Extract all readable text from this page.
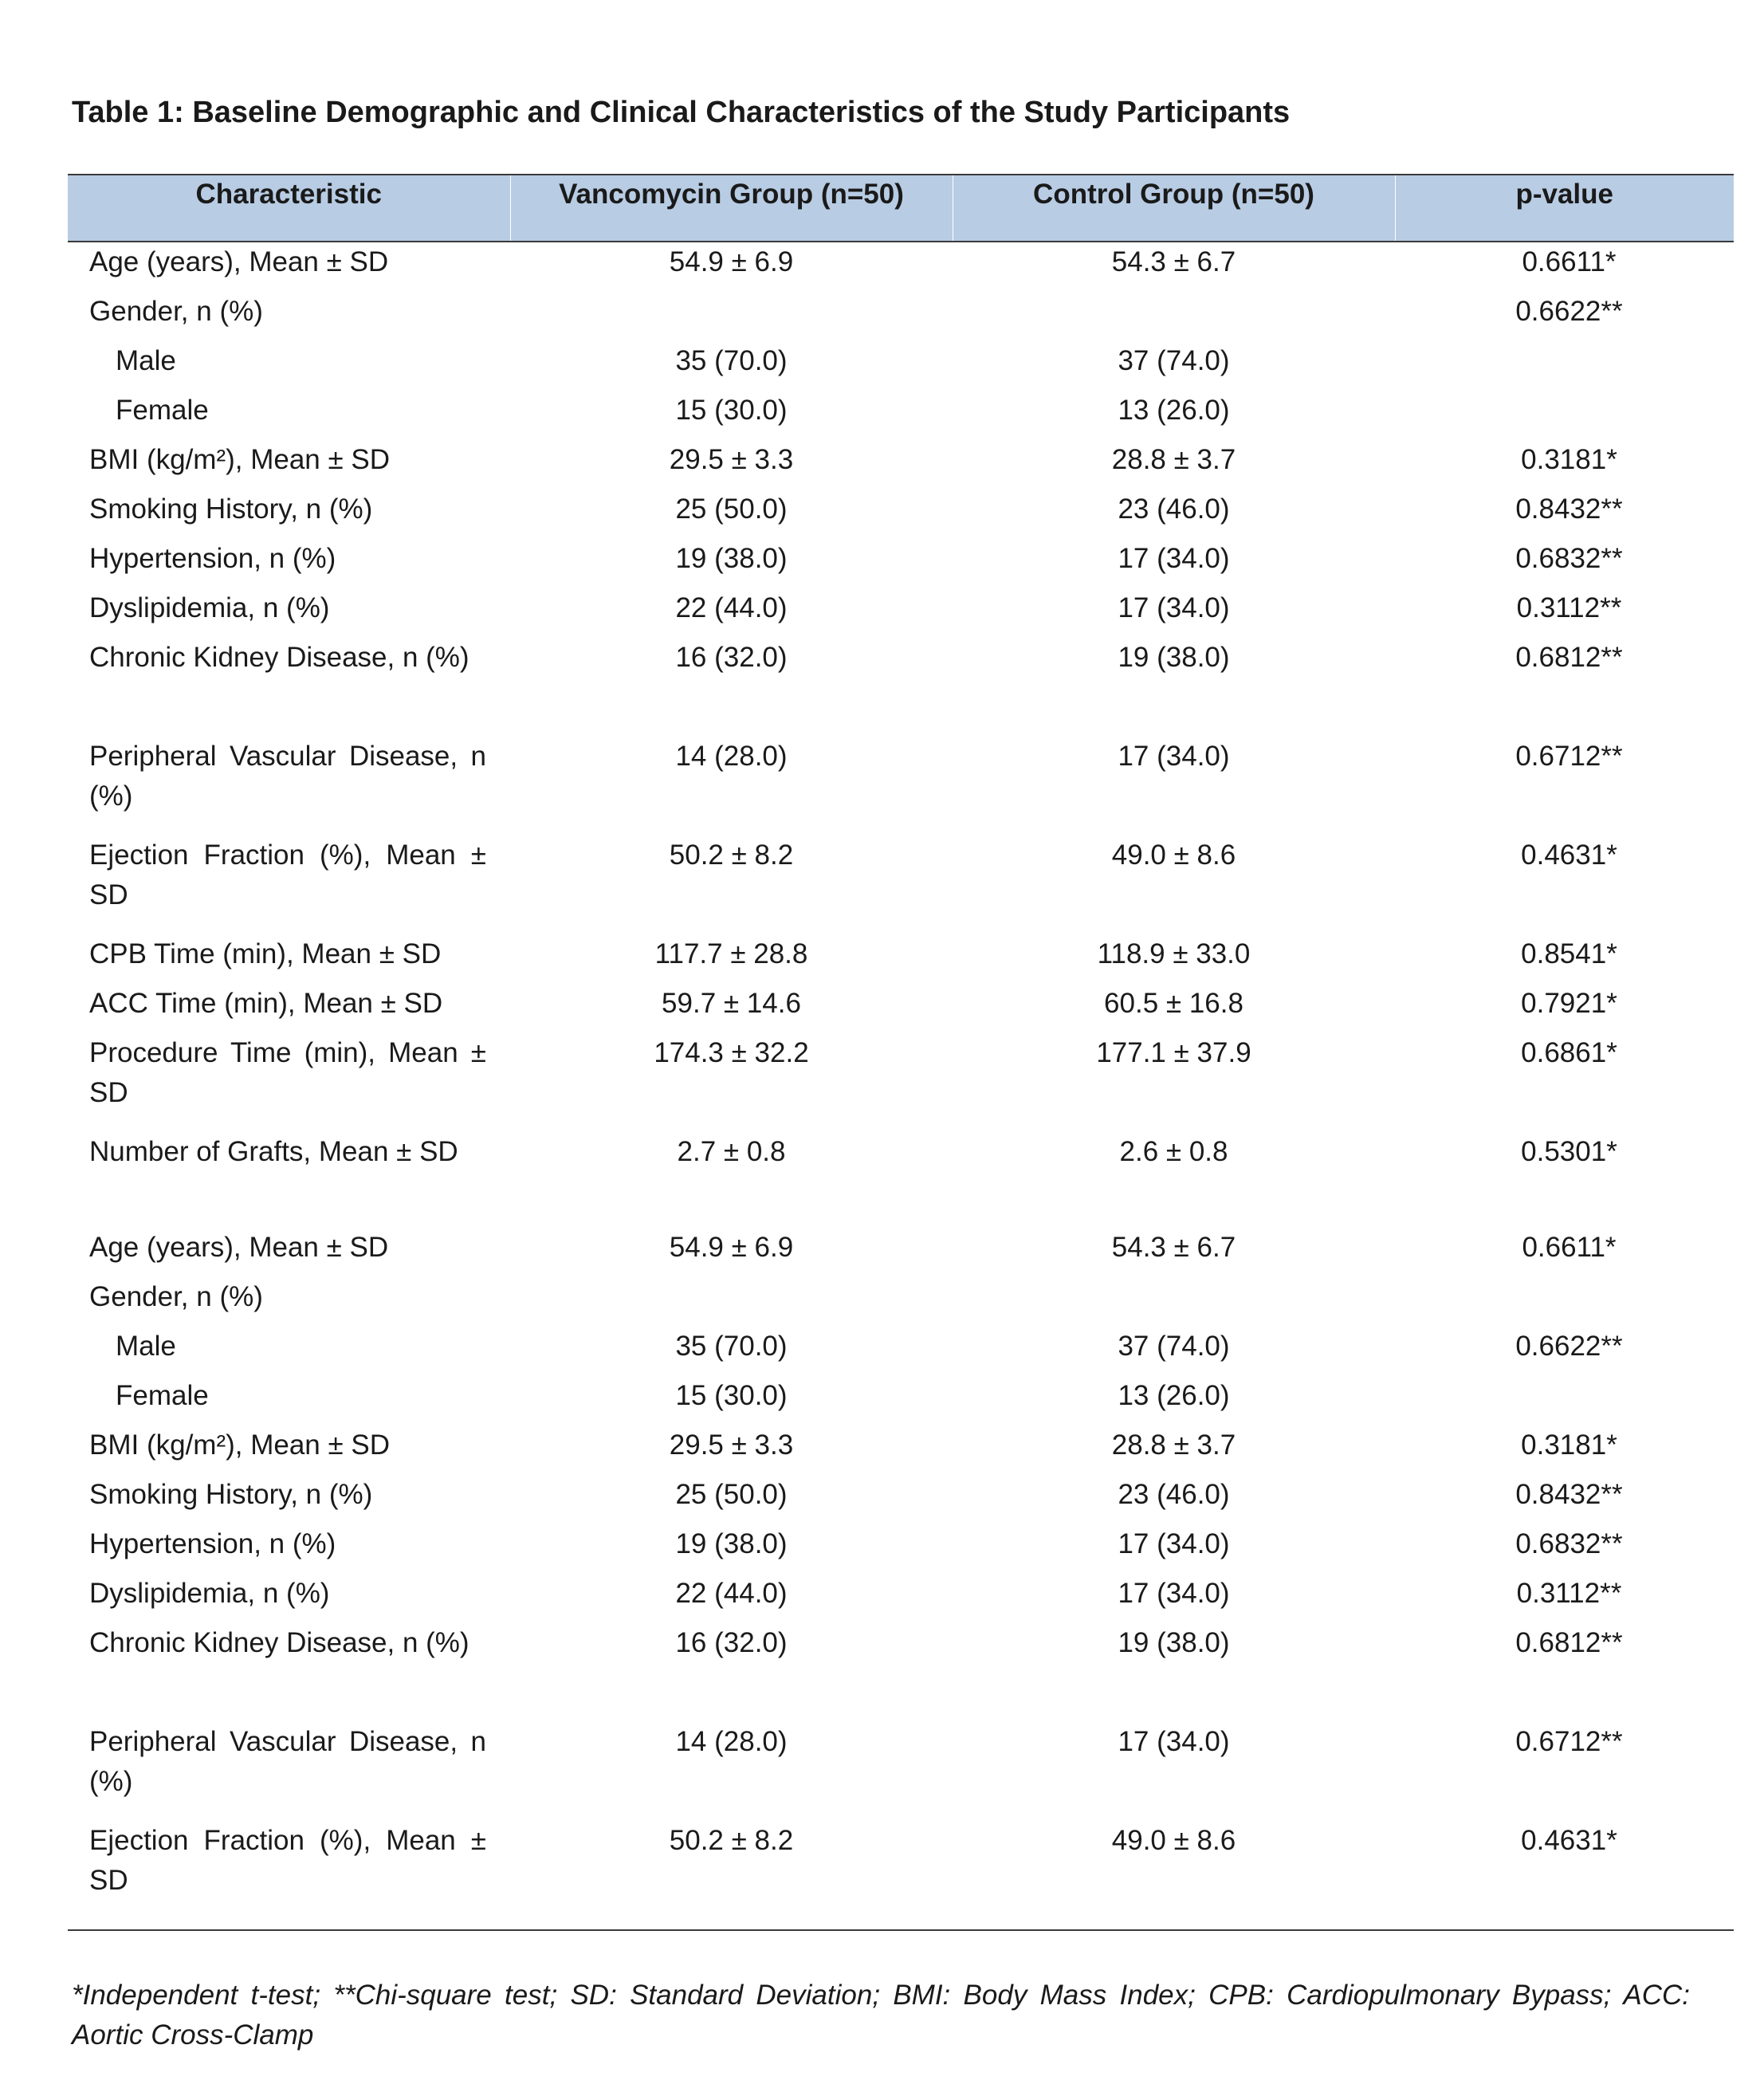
Table 1: Baseline Demographic and Clinical Characteristics of the Study Participants
Characteristic	Vancomycin Group (n=50)	Control Group (n=50)	p-value
Age (years), Mean ± SD	54.9 ± 6.9	54.3 ± 6.7	0.6611*
Gender, n (%)			0.6622**
Male	35 (70.0)	37 (74.0)	
Female	15 (30.0)	13 (26.0)	
BMI (kg/m²), Mean ± SD	29.5 ± 3.3	28.8 ± 3.7	0.3181*
Smoking History, n (%)	25 (50.0)	23 (46.0)	0.8432**
Hypertension, n (%)	19 (38.0)	17 (34.0)	0.6832**
Dyslipidemia, n (%)	22 (44.0)	17 (34.0)	0.3112**
Chronic Kidney Disease, n (%)	16 (32.0)	19 (38.0)	0.6812**
Peripheral Vascular Disease, n (%)	14 (28.0)	17 (34.0)	0.6712**
Ejection Fraction (%), Mean ± SD	50.2 ± 8.2	49.0 ± 8.6	0.4631*
CPB Time (min), Mean ± SD	117.7 ± 28.8	118.9 ± 33.0	0.8541*
ACC Time (min), Mean ± SD	59.7 ± 14.6	60.5 ± 16.8	0.7921*
Procedure Time (min), Mean ± SD	174.3 ± 32.2	177.1 ± 37.9	0.6861*
Number of Grafts, Mean ± SD	2.7 ± 0.8	2.6 ± 0.8	0.5301*
Age (years), Mean ± SD	54.9 ± 6.9	54.3 ± 6.7	0.6611*
Gender, n (%)			
Male	35 (70.0)	37 (74.0)	0.6622**
Female	15 (30.0)	13 (26.0)	
BMI (kg/m²), Mean ± SD	29.5 ± 3.3	28.8 ± 3.7	0.3181*
Smoking History, n (%)	25 (50.0)	23 (46.0)	0.8432**
Hypertension, n (%)	19 (38.0)	17 (34.0)	0.6832**
Dyslipidemia, n (%)	22 (44.0)	17 (34.0)	0.3112**
Chronic Kidney Disease, n (%)	16 (32.0)	19 (38.0)	0.6812**
Peripheral Vascular Disease, n (%)	14 (28.0)	17 (34.0)	0.6712**
Ejection Fraction (%), Mean ± SD	50.2 ± 8.2	49.0 ± 8.6	0.4631*
*Independent t-test; **Chi-square test; SD: Standard Deviation; BMI: Body Mass Index; CPB: Cardiopulmonary Bypass; ACC: Aortic Cross-Clamp
